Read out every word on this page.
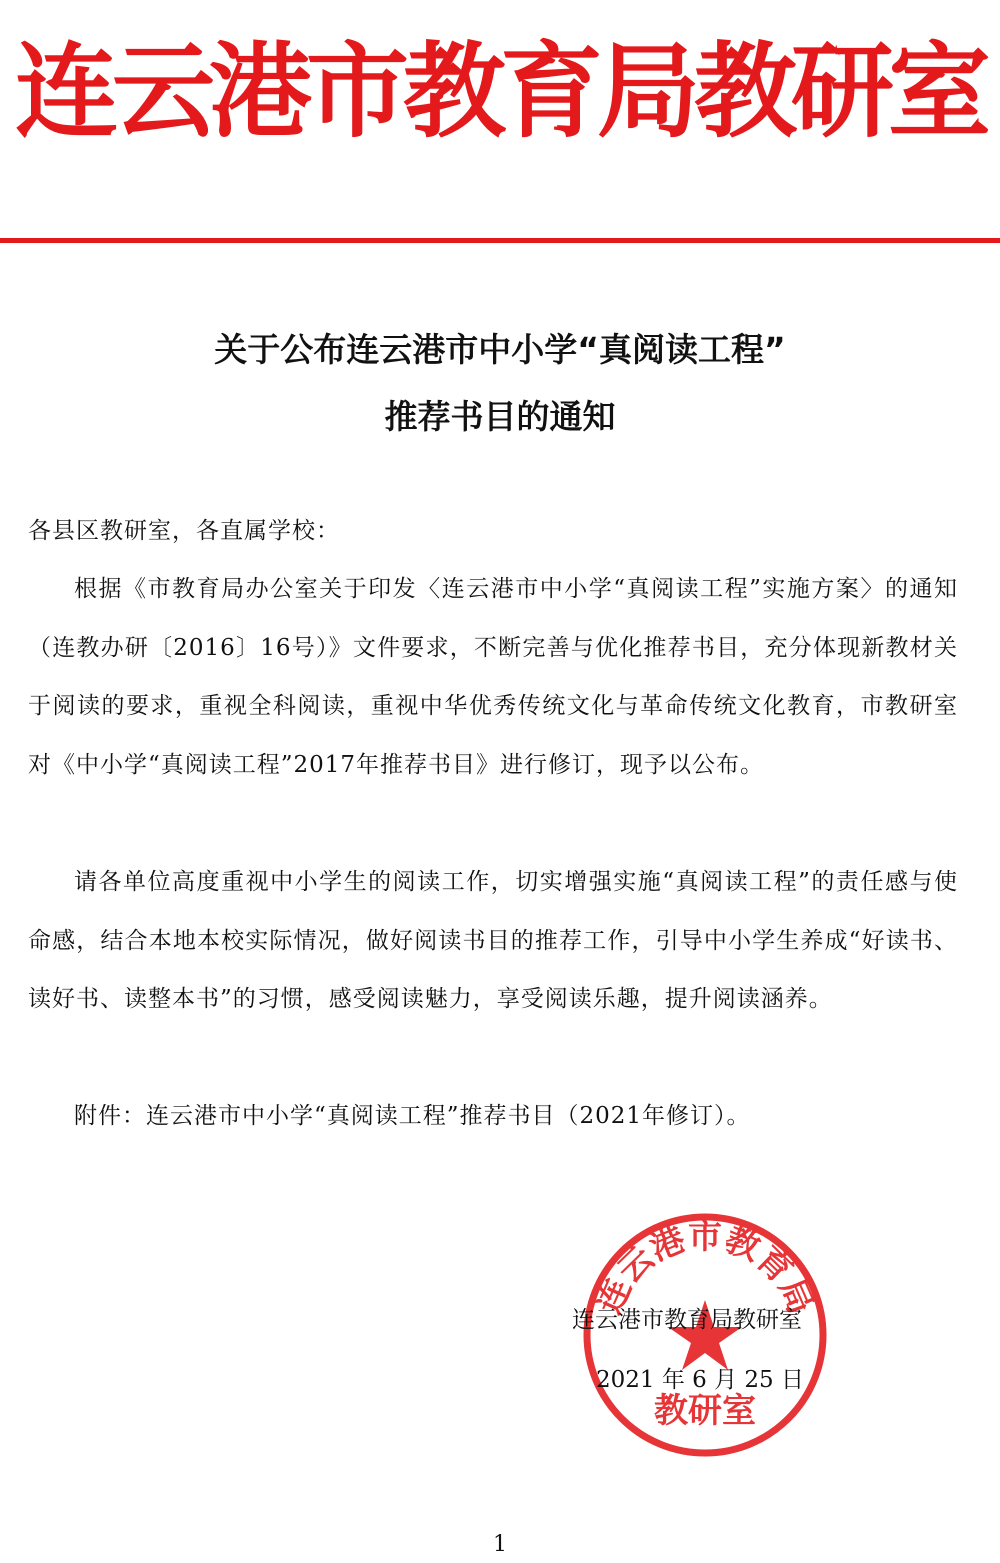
连云港市教育局教研室
关于公布连云港市中小学“真阅读工程”
推荐书目的通知
各县区教研室，各直属学校：

根据《市教育局办公室关于印发〈连云港市中小学“真阅读工程”实施方案〉的通知（连教办研〔2016〕16号）》文件要求，不断完善与优化推荐书目，充分体现新教材关于阅读的要求，重视全科阅读，重视中华优秀传统文化与革命传统文化教育，市教研室对《中小学“真阅读工程”2017年推荐书目》进行修订，现予以公布。

请各单位高度重视中小学生的阅读工作，切实增强实施“真阅读工程”的责任感与使命感，结合本地本校实际情况，做好阅读书目的推荐工作，引导中小学生养成“好读书、读好书、读整本书”的习惯，感受阅读魅力，享受阅读乐趣，提升阅读涵养。

附件：连云港市中小学“真阅读工程”推荐书目（2021年修订）。

连云港市教育局
教研室
连云港市教育局教研室
2021 年 6 月 25 日
1
